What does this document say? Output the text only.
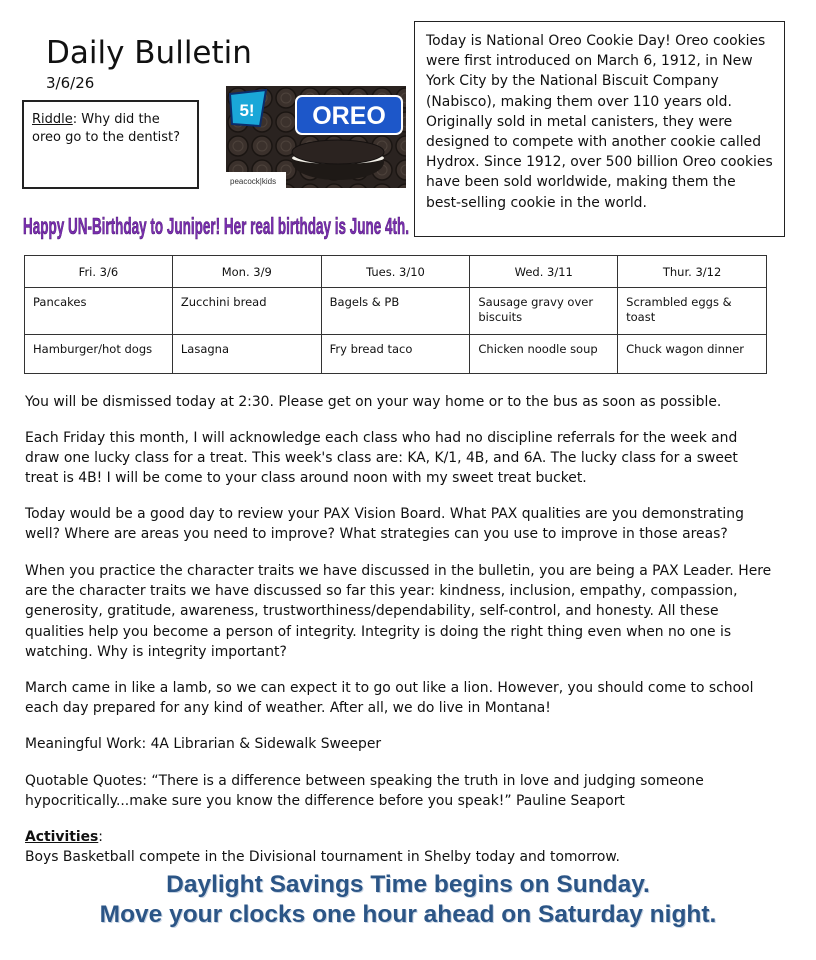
Daily Bulletin
3/6/26
Riddle: Why did the oreo go to the dentist?
OREO
5!
peacock|kids
Today is National Oreo Cookie Day! Oreo cookies were first introduced on March 6, 1912, in New York City by the National Biscuit Company (Nabisco), making them over 110 years old. Originally sold in metal canisters, they were designed to compete with another cookie called Hydrox. Since 1912, over 500 billion Oreo cookies have been sold worldwide, making them the best-selling cookie in the world.
Happy UN-Birthday to Juniper! Her real birthday is June 4th.
Fri. 3/6	Mon. 3/9	Tues. 3/10	Wed. 3/11	Thur. 3/12
Pancakes	Zucchini bread	Bagels & PB	Sausage gravy over biscuits	Scrambled eggs & toast
Hamburger/hot dogs	Lasagna	Fry bread taco	Chicken noodle soup	Chuck wagon dinner
You will be dismissed today at 2:30. Please get on your way home or to the bus as soon as possible.
Each Friday this month, I will acknowledge each class who had no discipline referrals for the week and draw one lucky class for a treat. This week's class are: KA, K/1, 4B, and 6A. The lucky class for a sweet treat is 4B! I will be come to your class around noon with my sweet treat bucket.
Today would be a good day to review your PAX Vision Board. What PAX qualities are you demonstrating well? Where are areas you need to improve? What strategies can you use to improve in those areas?
When you practice the character traits we have discussed in the bulletin, you are being a PAX Leader. Here are the character traits we have discussed so far this year: kindness, inclusion, empathy, compassion, generosity, gratitude, awareness, trustworthiness/dependability, self-control, and honesty. All these qualities help you become a person of integrity. Integrity is doing the right thing even when no one is watching. Why is integrity important?
March came in like a lamb, so we can expect it to go out like a lion. However, you should come to school each day prepared for any kind of weather. After all, we do live in Montana!
Meaningful Work: 4A Librarian & Sidewalk Sweeper
Quotable Quotes: “There is a difference between speaking the truth in love and judging someone hypocritically...make sure you know the difference before you speak!” Pauline Seaport
Activities:
Boys Basketball compete in the Divisional tournament in Shelby today and tomorrow.
Daylight Savings Time begins on Sunday.
Move your clocks one hour ahead on Saturday night.
